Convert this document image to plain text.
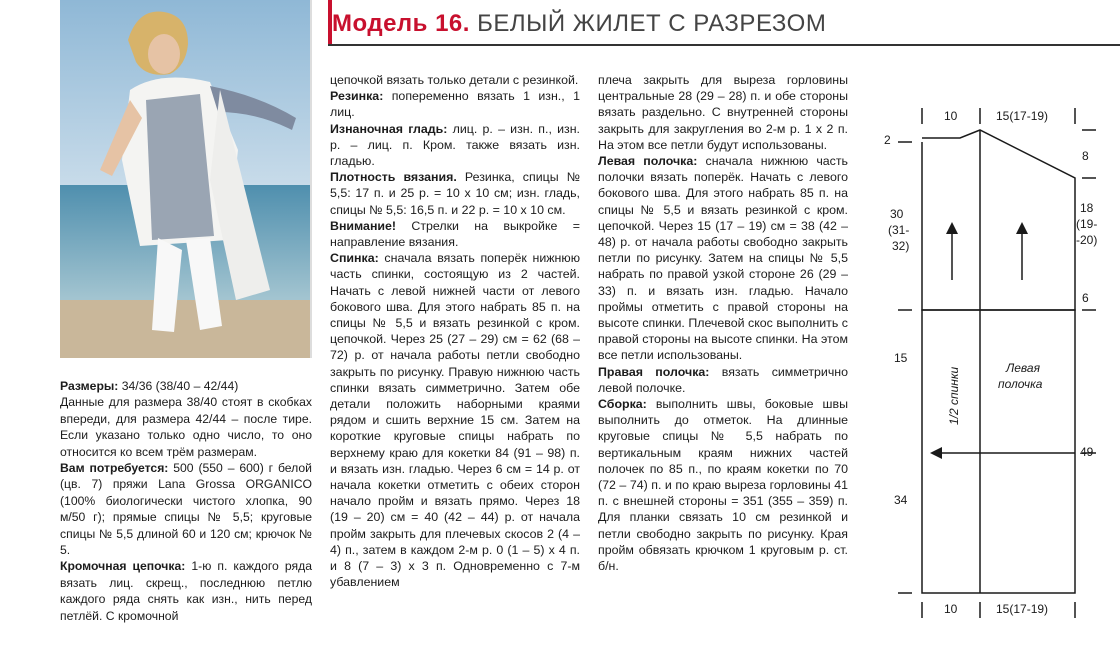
Модель 16. БЕЛЫЙ ЖИЛЕТ С РАЗРЕЗОМ

Размеры: 34/36 (38/40 – 42/44)

Данные для размера 38/40 стоят в скобках впереди, для размера 42/44 – после тире. Если указано только одно число, то оно относится ко всем трём размерам.

Вам потребуется: 500 (550 – 600) г белой (цв. 7) пряжи Lana Grossa ORGANICO (100% биологически чистого хлопка, 90 м/50 г); прямые спицы № 5,5; круговые спицы № 5,5 длиной 60 и 120 см; крючок № 5.

Кромочная цепочка: 1-ю п. каждого ряда вязать лиц. скрещ., последнюю петлю каждого ряда снять как изн., нить перед петлёй. С кромочной

цепочкой вязать только детали с резинкой.

Резинка: попеременно вязать 1 изн., 1 лиц.

Изнаночная гладь: лиц. р. – изн. п., изн. р. – лиц. п. Кром. также вязать изн. гладью.

Плотность вязания. Резинка, спицы № 5,5: 17 п. и 25 р. = 10 х 10 см; изн. гладь, спицы № 5,5: 16,5 п. и 22 р. = 10 х 10 см.

Внимание! Стрелки на выкройке = направление вязания.

Спинка: сначала вязать поперёк нижнюю часть спинки, состоящую из 2 частей. Начать с левой нижней части от левого бокового шва. Для этого набрать 85 п. на спицы № 5,5 и вязать резинкой с кром. цепочкой. Через 25 (27 – 29) см = 62 (68 – 72) р. от начала работы петли свободно закрыть по рисунку. Правую нижнюю часть спинки вязать симметрично. Затем обе детали положить наборными краями рядом и сшить верхние 15 см. Затем на короткие круговые спицы набрать по верхнему краю для кокетки 84 (91 – 98) п. и вязать изн. гладью. Через 6 см = 14 р. от начала кокетки отметить с обеих сторон начало пройм и вязать прямо. Через 18 (19 – 20) см = 40 (42 – 44) р. от начала пройм закрыть для плечевых скосов 2 (4 – 4) п., затем в каждом 2-м р. 0 (1 – 5) х 4 п. и 8 (7 – 3) х 3 п. Одновременно с 7-м убавлением

плеча закрыть для выреза горловины центральные 28 (29 – 28) п. и обе стороны вязать раздельно. С внутренней стороны закрыть для закругления во 2-м р. 1 х 2 п. На этом все петли будут использованы.

Левая полочка: сначала нижнюю часть полочки вязать поперёк. Начать с левого бокового шва. Для этого набрать 85 п. на спицы № 5,5 и вязать резинкой с кром. цепочкой. Через 15 (17 – 19) см = 38 (42 – 48) р. от начала работы свободно закрыть петли по рисунку. Затем на спицы № 5,5 набрать по правой узкой стороне 26 (29 – 33) п. и вязать изн. гладью. Начало проймы отметить с правой стороны на высоте спинки. Плечевой скос выполнить с правой стороны на высоте спинки. На этом все петли использованы.

Правая полочка: вязать симметрично левой полочке.

Сборка: выполнить швы, боковые швы выполнить до отметок. На длинные круговые спицы № 5,5 набрать по вертикальным краям нижних частей полочек по 85 п., по краям кокетки по 70 (72 – 74) п. и по краю выреза горловины 41 п. с внешней стороны = 351 (355 – 359) п. Для планки связать 10 см резинкой и петли свободно закрыть по рисунку. Края пройм обвязать крючком 1 круговым р. ст. б/н.

10	15(17-19)
2
30
(31-
32)
15
34
8
18
(19-
-20)
6
49
10	15(17-19)
1/2 спинки	Левая
полочка
